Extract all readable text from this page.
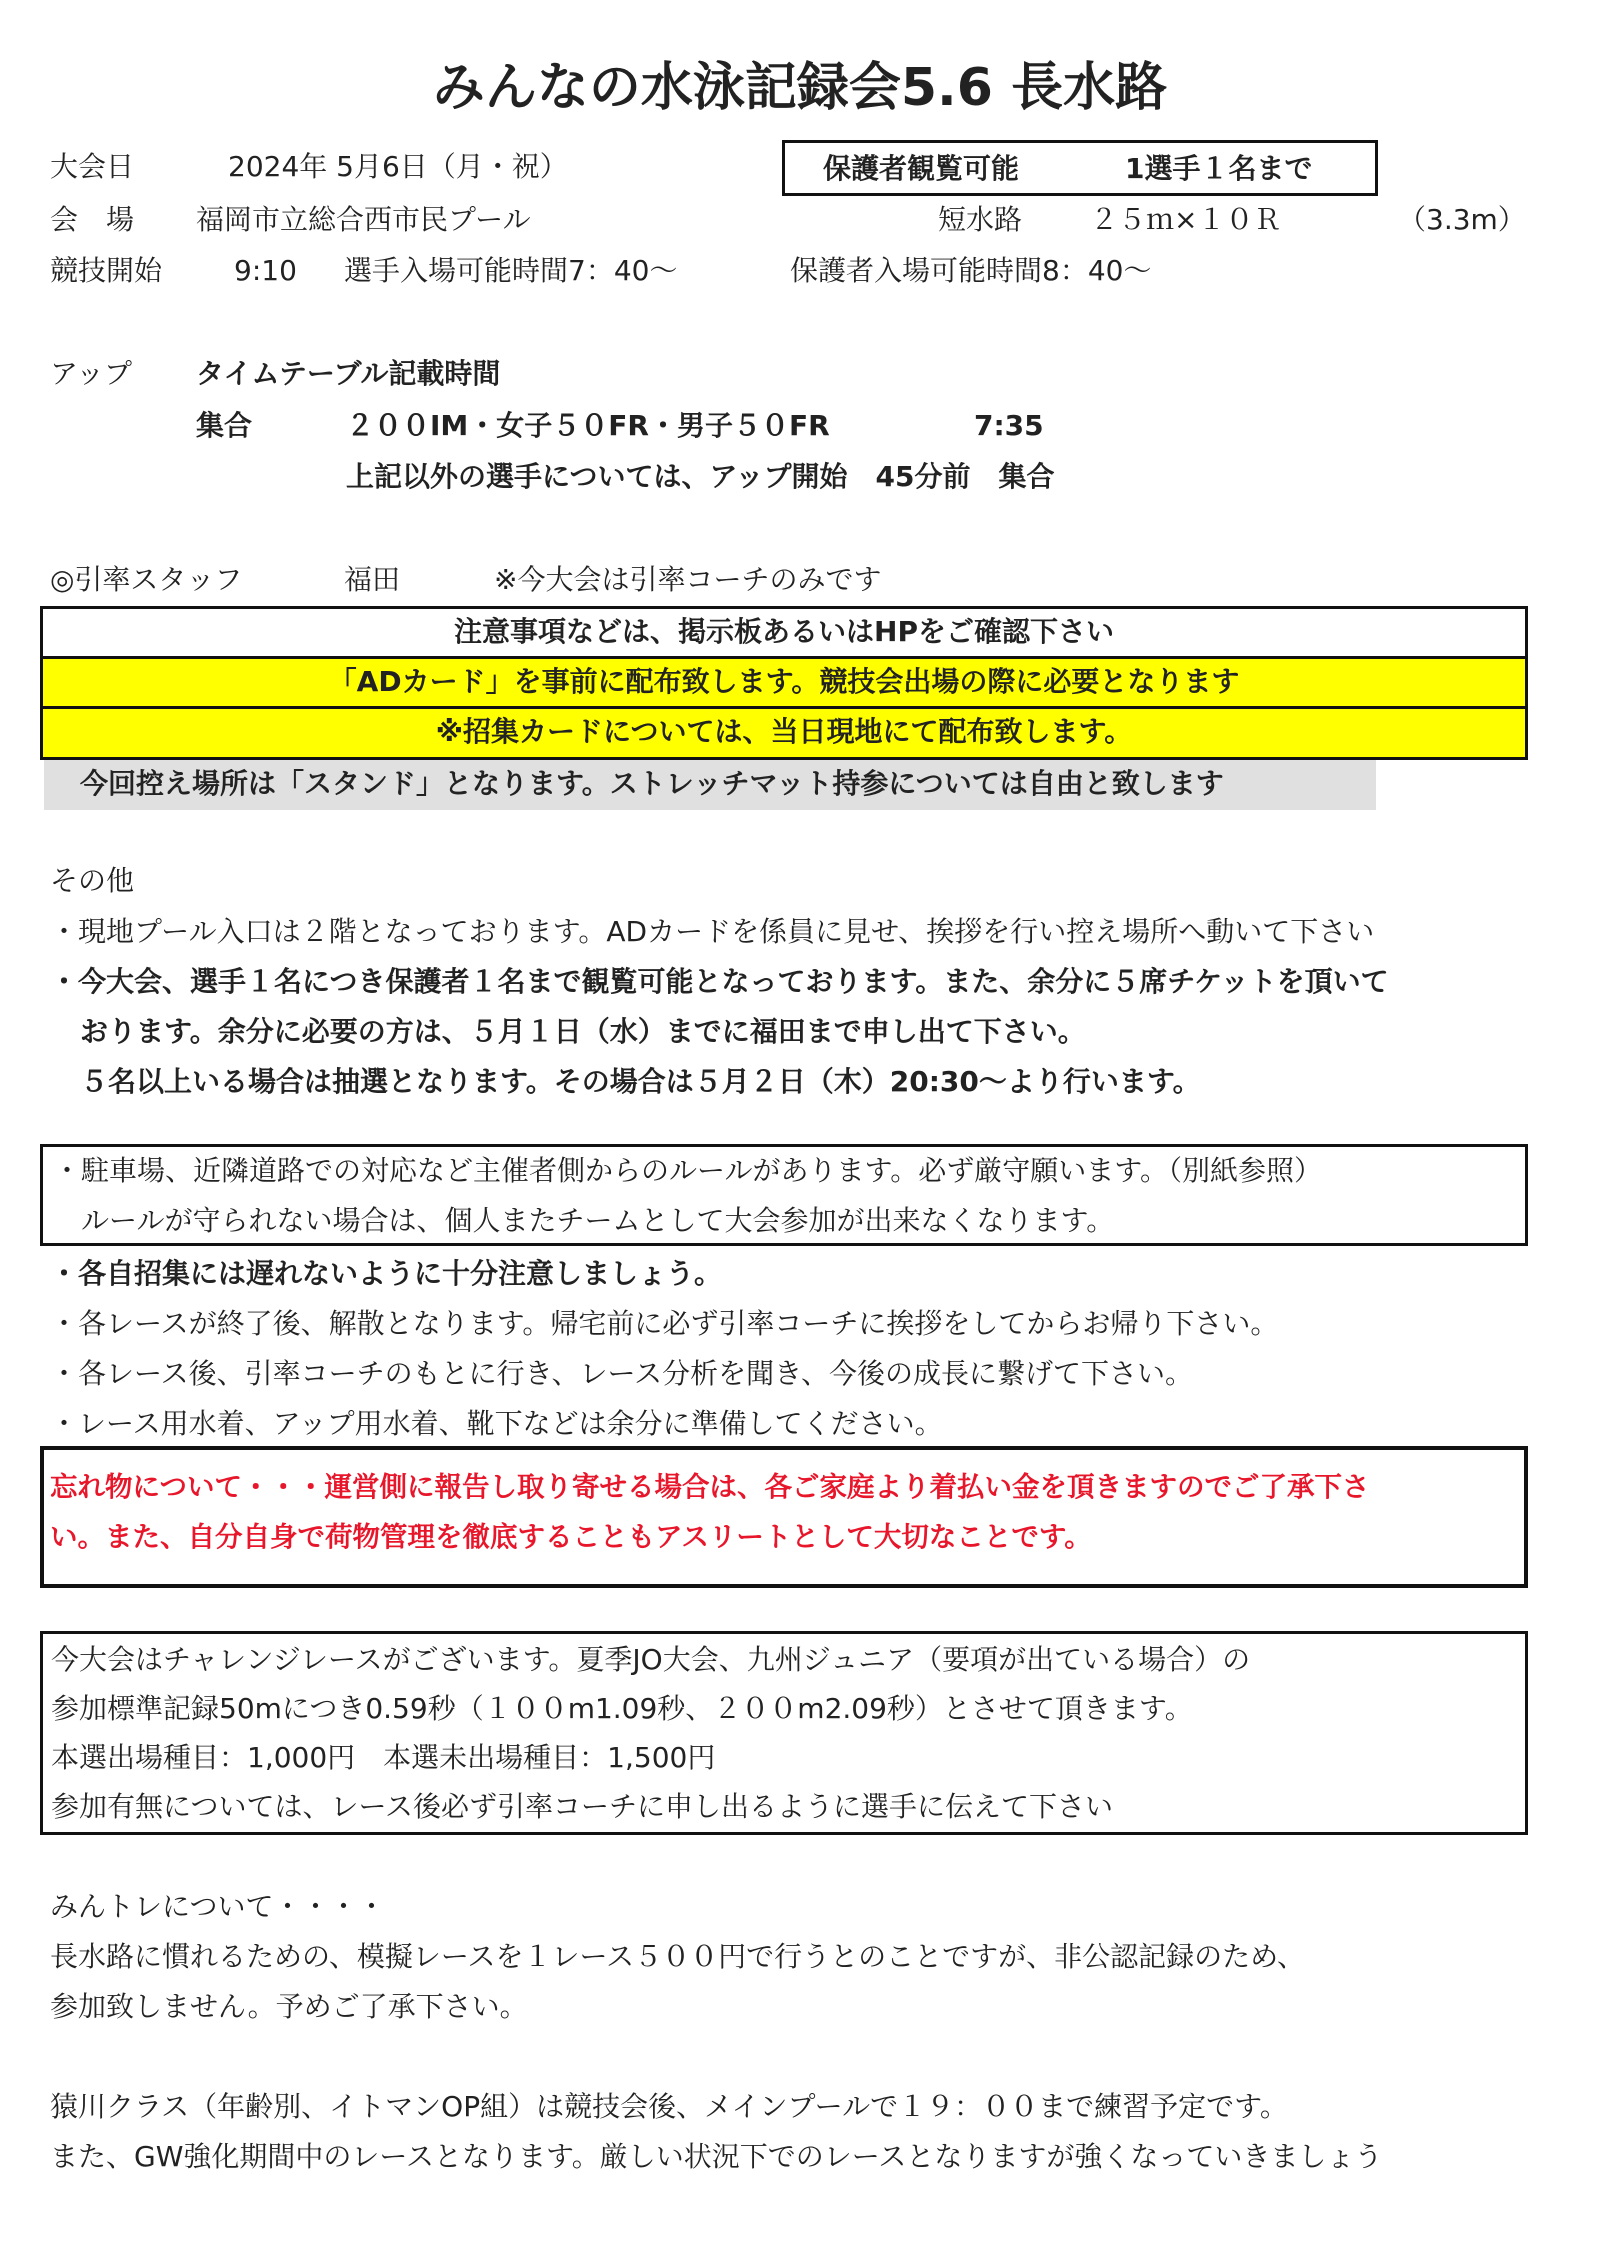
みんなの水泳記録会5.6 長水路
大会日	2024年 5月6日（月・祝）	保護者観覧可能	1選手１名まで
会　場 福岡市立総合西市民プール	短水路 ２５ｍ×１０Ｒ	（3.3m）
競技開始	9:10 選手入場可能時間7：40〜	保護者入場可能時間8：40〜
アップ タイムテーブル記載時間
集合	２００IM・女子５０FR・男子５０FR	7:35
上記以外の選手については、アップ開始　45分前　集合
◎引率スタッフ	福田	※今大会は引率コーチのみです
注意事項などは、掲示板あるいはHPをご確認下さい
「ADカード」を事前に配布致します。競技会出場の際に必要となります
※招集カードについては、当日現地にて配布致します。
今回控え場所は「スタンド」となります。ストレッチマット持参については自由と致します
その他
・現地プール入口は２階となっております。ADカードを係員に見せ、挨拶を行い控え場所へ動いて下さい
・今大会、選手１名につき保護者１名まで観覧可能となっております。また、余分に５席チケットを頂いて
おります。余分に必要の方は、５月１日（水）までに福田まで申し出て下さい。
５名以上いる場合は抽選となります。その場合は５月２日（木）20:30〜より行います。
・駐車場、近隣道路での対応など主催者側からのルールがあります。必ず厳守願います。（別紙参照）
ルールが守られない場合は、個人またチームとして大会参加が出来なくなります。
・各自招集には遅れないように十分注意しましょう。
・各レースが終了後、解散となります。帰宅前に必ず引率コーチに挨拶をしてからお帰り下さい。
・各レース後、引率コーチのもとに行き、レース分析を聞き、今後の成長に繋げて下さい。
・レース用水着、アップ用水着、靴下などは余分に準備してください。
忘れ物について・・・運営側に報告し取り寄せる場合は、各ご家庭より着払い金を頂きますのでご了承下さ
い。また、自分自身で荷物管理を徹底することもアスリートとして大切なことです。
今大会はチャレンジレースがございます。夏季JO大会、九州ジュニア（要項が出ている場合）の
参加標準記録50mにつき0.59秒（１００m1.09秒、２００m2.09秒）とさせて頂きます。
本選出場種目：1,000円　本選未出場種目：1,500円
参加有無については、レース後必ず引率コーチに申し出るように選手に伝えて下さい
みんトレについて・・・・
長水路に慣れるための、模擬レースを１レース５００円で行うとのことですが、非公認記録のため、
参加致しません。予めご了承下さい。
猿川クラス（年齢別、イトマンOP組）は競技会後、メインプールで１９：００まで練習予定です。
また、GW強化期間中のレースとなります。厳しい状況下でのレースとなりますが強くなっていきましょう
